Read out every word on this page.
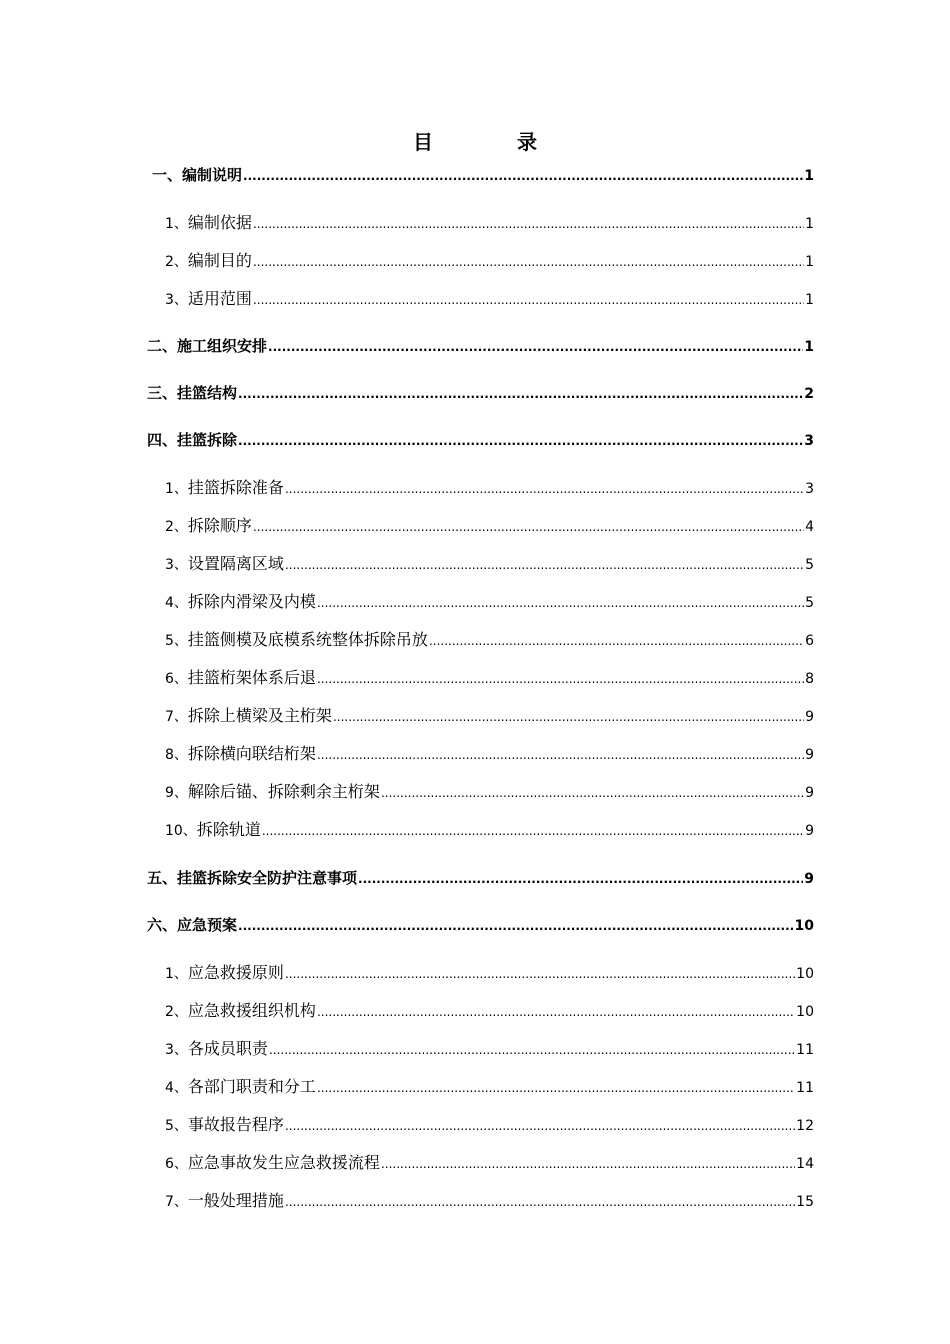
目　录
一、 编制说明 .....	1
1、 编制依据 .....	1
2、 编制目的 .....	1
3、 适用范围 .....	1
二、 施工组织安排 .....	1
三、 挂篮结构 .....	2
四、 挂篮拆除 .....	3
1、 挂篮拆除准备 .....	3
2、 拆除顺序 .....	4
3、 设置隔离区域 .....	5
4、 拆除内滑梁及内模 .....	5
5、 挂篮侧模及底模系统整体拆除吊放 .....	6
6、 挂篮桁架体系后退 .....	8
7、 拆除上横梁及主桁架 .....	9
8、 拆除横向联结桁架 .....	9
9、 解除后锚、拆除剩余主桁架 .....	9
10、 拆除轨道 .....	9
五、 挂篮拆除安全防护注意事项 .....	9
六、 应急预案 .....	10
1、 应急救援原则 .....	10
2、 应急救援组织机构 .....	10
3、 各成员职责 .....	11
4、 各部门职责和分工 .....	11
5、 事故报告程序 .....	12
6、 应急事故发生应急救援流程 .....	14
7、 一般处理措施 .....	15
